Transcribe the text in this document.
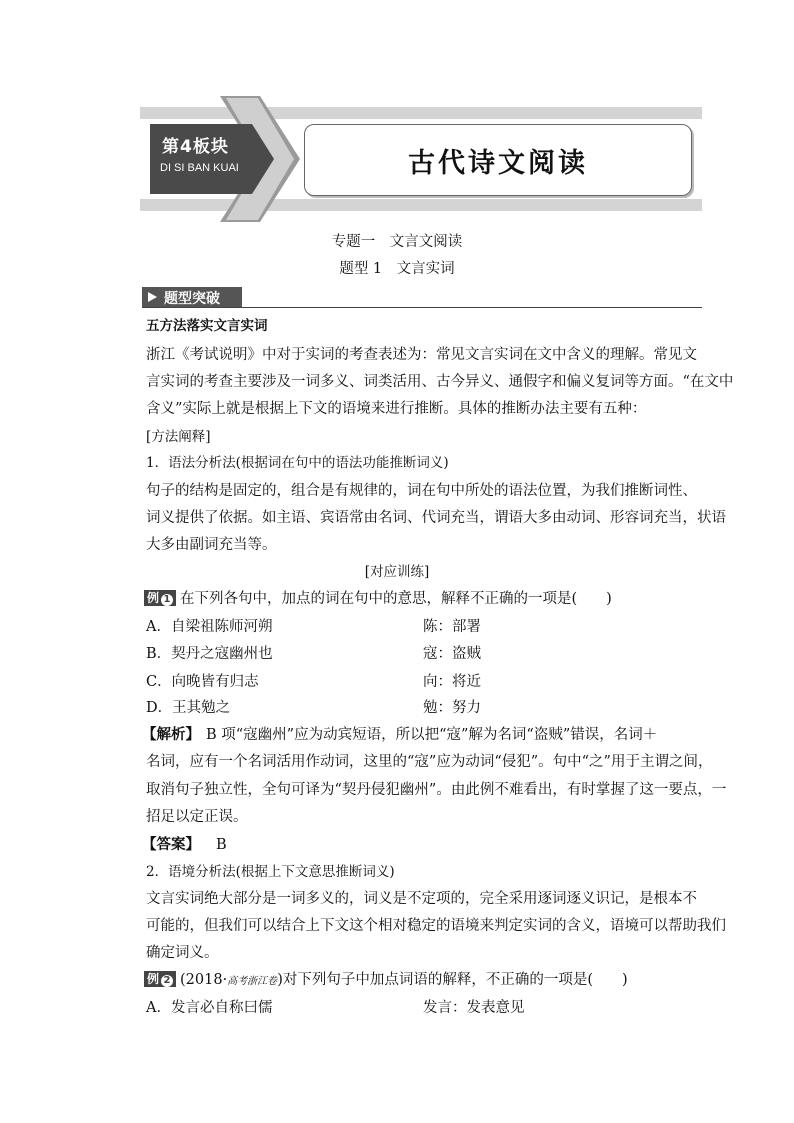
第4板块
DI SI BAN KUAI	古代诗文阅读
专题一　文言文阅读
题型 1　文言实词
题型突破
五方法落实文言实词
浙江《考试说明》中对于实词的考查表述为：常见文言实词在文中含义的理解。常见文
言实词的考查主要涉及一词多义、词类活用、古今异义、通假字和偏义复词等方面。“在文中
含义”实际上就是根据上下文的语境来进行推断。具体的推断办法主要有五种：
[方法阐释]
1．语法分析法(根据词在句中的语法功能推断词义)
句子的结构是固定的，组合是有规律的，词在句中所处的语法位置，为我们推断词性、
词义提供了依据。如主语、宾语常由名词、代词充当，谓语大多由动词、形容词充当，状语
大多由副词充当等。
[对应训练]
例 1 在下列各句中，加点的词在句中的意思，解释不正确的一项是(　　)
A．自梁祖陈师河朔	陈：部署
B．契丹之寇幽州也	寇：盗贼
C．向晚皆有归志	向：将近
D．王其勉之	勉：努力
【解析】 B 项“寇幽州”应为动宾短语，所以把“寇”解为名词“盗贼”错误，名词＋
名词，应有一个名词活用作动词，这里的“寇”应为动词“侵犯”。句中“之”用于主谓之间，
取消句子独立性，全句可译为“契丹侵犯幽州”。由此例不难看出，有时掌握了这一要点，一
招足以定正误。
【答案】 B
2．语境分析法(根据上下文意思推断词义)
文言实词绝大部分是一词多义的，词义是不定项的，完全采用逐词逐义识记，是根本不
可能的，但我们可以结合上下文这个相对稳定的语境来判定实词的含义，语境可以帮助我们
确定词义。
例 2 (2018·高考浙江卷)对下列句子中加点词语的解释，不正确的一项是(　　)
A．发言必自称曰儒	发言：发表意见
